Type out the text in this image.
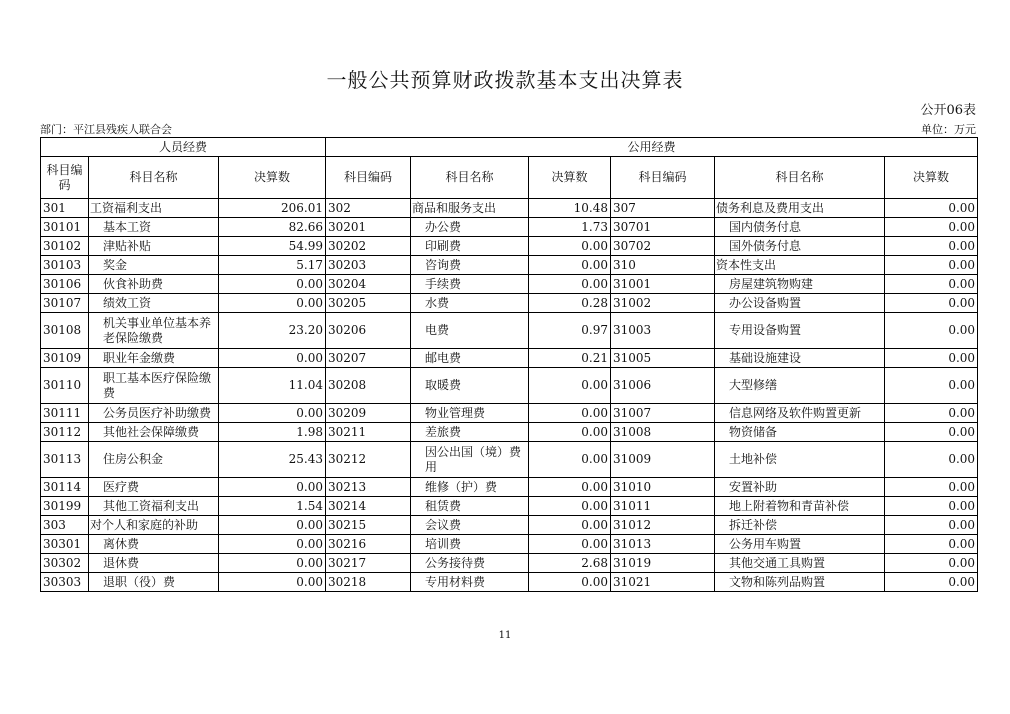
一般公共预算财政拨款基本支出决算表
公开06表
部门：平江县残疾人联合会	单位：万元
人员经费			公用经费					
科目编码	科目名称	决算数	科目编码	科目名称	决算数	科目编码	科目名称	决算数
301	工资福利支出	206.01	302	商品和服务支出	10.48	307	债务利息及费用支出	0.00
30101	基本工资	82.66	30201	办公费	1.73	30701	国内债务付息	0.00
30102	津贴补贴	54.99	30202	印刷费	0.00	30702	国外债务付息	0.00
30103	奖金	5.17	30203	咨询费	0.00	310	资本性支出	0.00
30106	伙食补助费	0.00	30204	手续费	0.00	31001	房屋建筑物购建	0.00
30107	绩效工资	0.00	30205	水费	0.28	31002	办公设备购置	0.00
30108	机关事业单位基本养老保险缴费	23.20	30206	电费	0.97	31003	专用设备购置	0.00
30109	职业年金缴费	0.00	30207	邮电费	0.21	31005	基础设施建设	0.00
30110	职工基本医疗保险缴费	11.04	30208	取暖费	0.00	31006	大型修缮	0.00
30111	公务员医疗补助缴费	0.00	30209	物业管理费	0.00	31007	信息网络及软件购置更新	0.00
30112	其他社会保障缴费	1.98	30211	差旅费	0.00	31008	物资储备	0.00
30113	住房公积金	25.43	30212	因公出国（境）费用	0.00	31009	土地补偿	0.00
30114	医疗费	0.00	30213	维修（护）费	0.00	31010	安置补助	0.00
30199	其他工资福利支出	1.54	30214	租赁费	0.00	31011	地上附着物和青苗补偿	0.00
303	对个人和家庭的补助	0.00	30215	会议费	0.00	31012	拆迁补偿	0.00
30301	离休费	0.00	30216	培训费	0.00	31013	公务用车购置	0.00
30302	退休费	0.00	30217	公务接待费	2.68	31019	其他交通工具购置	0.00
30303	退职（役）费	0.00	30218	专用材料费	0.00	31021	文物和陈列品购置	0.00
11
